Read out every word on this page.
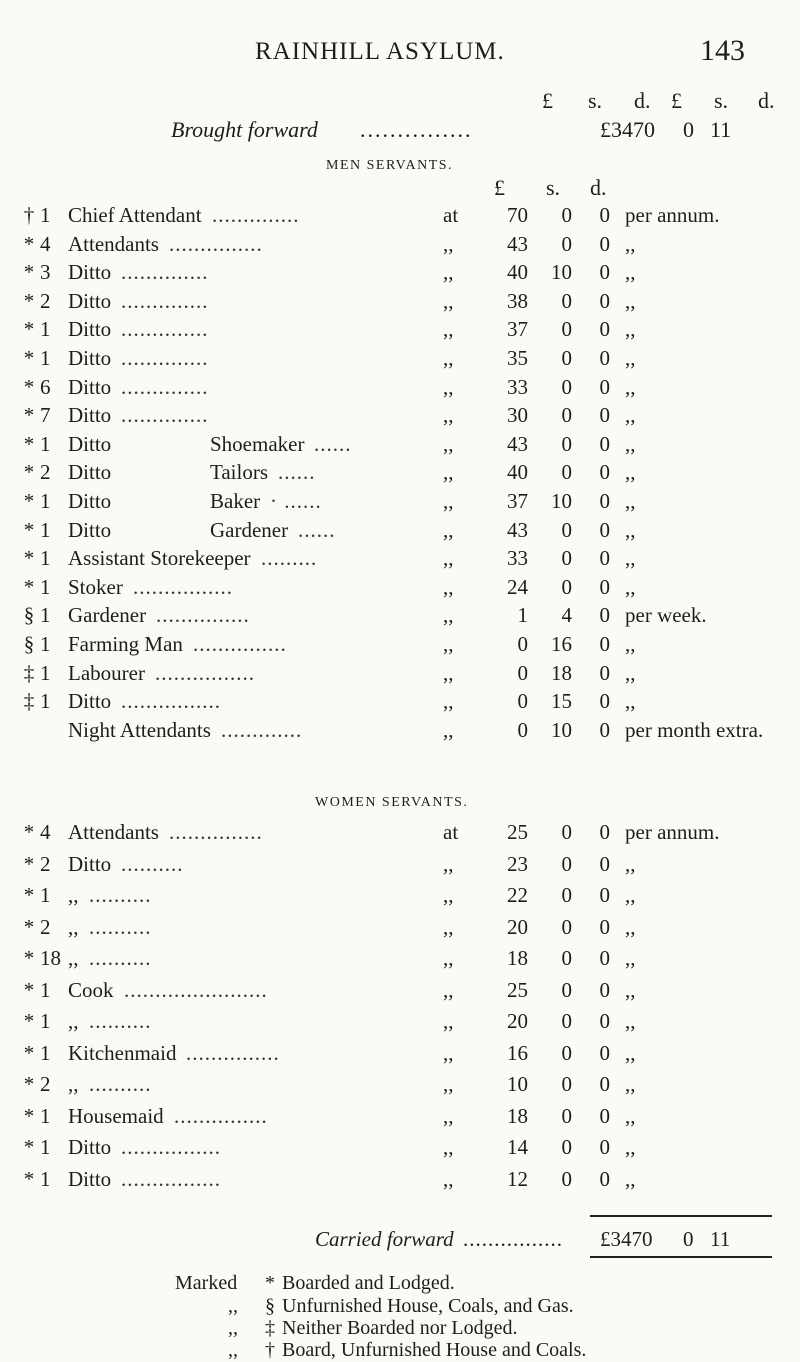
RAINHILL ASYLUM.	143
£ s. d. £ s. d.
Brought forward ...............	£3470 0 11
MEN SERVANTS.
£ s. d.
† 1 Chief Attendant ..............	at	70	0 0 per annum.
* 4 Attendants ...............	,,	43	0 0 ,,
* 3 Ditto ..............	,,	40	10 0 ,,
* 2 Ditto ..............	,,	38	0 0 ,,
* 1 Ditto ..............	,,	37	0 0 ,,
* 1 Ditto ..............	,,	35	0 0 ,,
* 6 Ditto ..............	,,	33	0 0 ,,
* 7 Ditto ..............	,,	30	0 0 ,,
* 1 Ditto	Shoemaker ......	,,	43	0 0 ,,
* 2 Ditto	Tailors ......	,,	40	0 0 ,,
* 1 Ditto	Baker · ......	,,	37	10 0 ,,
* 1 Ditto	Gardener ......	,,	43	0 0 ,,
* 1 Assistant Storekeeper .........	,,	33	0 0 ,,
* 1 Stoker ................	,,	24	0 0 ,,
§ 1 Gardener ...............	,,	1	4 0 per week.
§ 1 Farming Man ...............	,,	0	16 0 ,,
‡ 1 Labourer ................	,,	0	18 0 ,,
‡ 1 Ditto ................	,,	0	15 0 ,,
Night Attendants .............	,,	0	10 0 per month extra.
WOMEN SERVANTS.
* 4 Attendants ...............	at	25	0 0 per annum.
* 2 Ditto ..........	,,	23	0 0 ,,
* 1 ,, ..........	,,	22	0 0 ,,
* 2 ,, ..........	,,	20	0 0 ,,
* 18 ,, ..........	,,	18	0 0 ,,
* 1 Cook .......................	,,	25	0 0 ,,
* 1 ,, ..........	,,	20	0 0 ,,
* 1 Kitchenmaid ...............	,,	16	0 0 ,,
* 2 ,, ..........	,,	10	0 0 ,,
* 1 Housemaid ...............	,,	18	0 0 ,,
* 1 Ditto ................	,,	14	0 0 ,,
* 1 Ditto ................	,,	12	0 0 ,,
Carried forward ................ £3470 0 11
Marked * Boarded and Lodged.
,, § Unfurnished House, Coals, and Gas.
,, ‡ Neither Boarded nor Lodged.
,, † Board, Unfurnished House and Coals.
